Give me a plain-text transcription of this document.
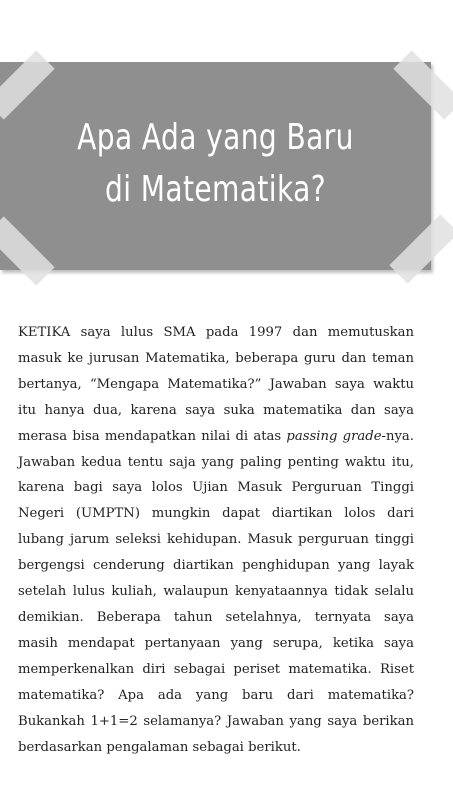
Apa Ada yang Baru
di Matematika?

KETIKA saya lulus SMA pada 1997 dan memutuskan masuk ke jurusan Matematika, beberapa guru dan teman bertanya, “Mengapa Matematika?” Jawaban saya waktu itu hanya dua, karena saya suka matematika dan saya merasa bisa mendapatkan nilai di atas passing grade-nya. Jawaban kedua tentu saja yang paling penting waktu itu, karena bagi saya lolos Ujian Masuk Perguruan Tinggi Negeri (UMPTN) mungkin dapat diartikan lolos dari lubang jarum seleksi kehidupan. Masuk perguruan tinggi bergengsi cenderung diartikan penghidupan yang layak setelah lulus kuliah, walaupun kenyataannya tidak selalu demikian. Beberapa tahun setelahnya, ternyata saya masih mendapat pertanyaan yang serupa, ketika saya memperkenalkan diri sebagai periset matematika. Riset matematika? Apa ada yang baru dari matematika? Bukankah 1+1=2 selamanya? Jawaban yang saya berikan berdasarkan pengalaman sebagai berikut.
